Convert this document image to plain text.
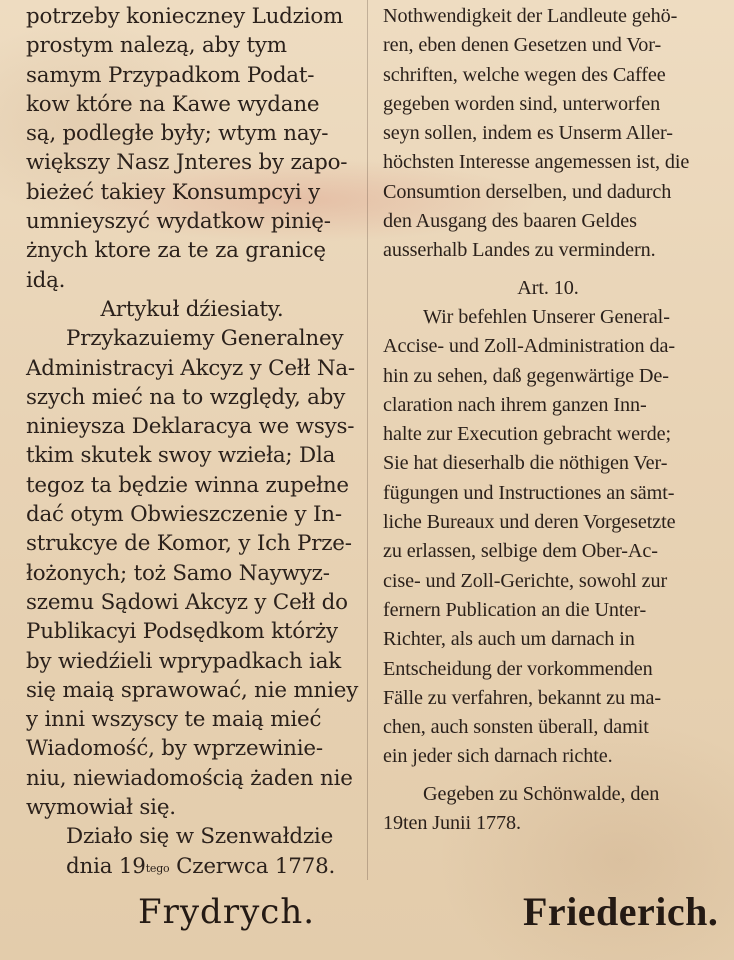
potrzeby konieczney Ludziom
prostym nalezą, aby tym
samym Przypadkom Podat-
kow które na Kawe wydane
są, podległe były; wtym nay-
większy Nasz Jnteres by zapo-
bieżeć takiey Konsumpcyi y
umnieyszyć wydatkow pinię-
żnych ktore za te za granicę
idą.
Artykuł dźiesiaty.
Przykazuiemy Generalney
Administracyi Akcyz y Cełł Na-
szych mieć na to względy, aby
ninieysza Deklaracya we wsys-
tkim skutek swoy wzieła; Dla
tegoz ta będzie winna zupełne
dać otym Obwieszczenie y In-
strukcye de Komor, y Ich Prze-
łożonych; toż Samo Naywyz-
szemu Sądowi Akcyz y Cełł do
Publikacyi Podsędkom którży
by wiedźieli wprypadkach iak
się maią sprawować, nie mniey
y inni wszyscy te maią mieć
Wiadomość, by wprzewinie-
niu, niewiadomością żaden nie
wymowiał się.
Działo się w Szenwałdzie
dnia $19^{tego}$ Czerwca 1778.
Nothwendigkeit der Landleute gehö-
ren, eben denen Gesetzen und Vor-
schriften, welche wegen des Caffee
gegeben worden sind, unterworfen
seyn sollen, indem es Unserm Aller-
höchsten Interesse angemessen ist, die
Consumtion derselben, und dadurch
den Ausgang des baaren Geldes
ausserhalb Landes zu vermindern.
Art. 10.
Wir befehlen Unserer General-
Accise- und Zoll-Administration da-
hin zu sehen, daß gegenwärtige De-
claration nach ihrem ganzen Inn-
halte zur Execution gebracht werde;
Sie hat dieserhalb die nöthigen Ver-
fügungen und Instructiones an sämt-
liche Bureaux und deren Vorgesetzte
zu erlassen, selbige dem Ober-Ac-
cise- und Zoll-Gerichte, sowohl zur
fernern Publication an die Unter-
Richter, als auch um darnach in
Entscheidung der vorkommenden
Fälle zu verfahren, bekannt zu ma-
chen, auch sonsten überall, damit
ein jeder sich darnach richte.
Gegeben zu Schönwalde, den
19ten Junii 1778.
Frydrych.	Friederich.
